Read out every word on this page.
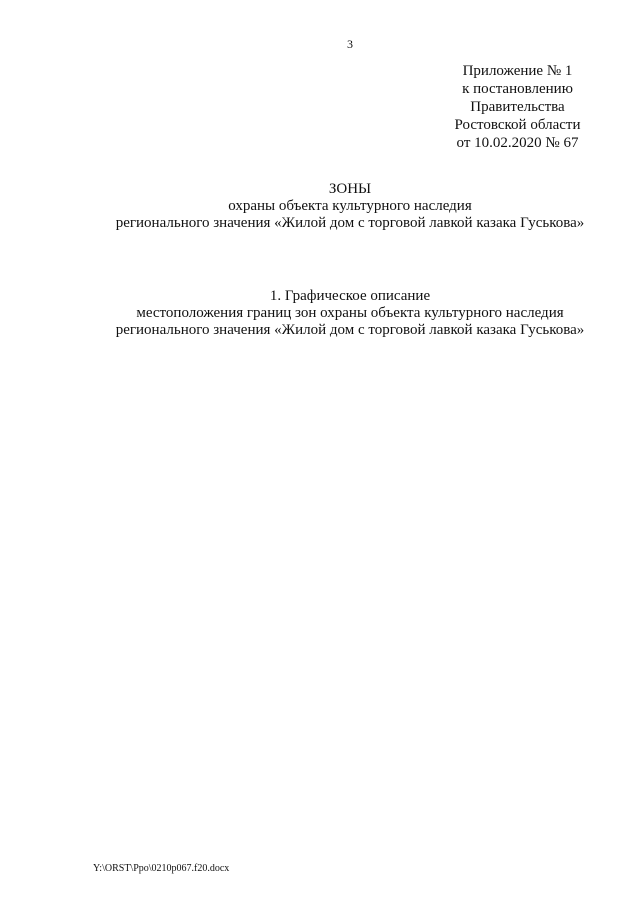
3
Приложение № 1
к постановлению
Правительства
Ростовской области
от 10.02.2020 № 67
ЗОНЫ
охраны объекта культурного наследия
регионального значения «Жилой дом с торговой лавкой казака Гуськова»
1. Графическое описание
местоположения границ зон охраны объекта культурного наследия
регионального значения «Жилой дом с торговой лавкой казака Гуськова»
Y:\ORST\Ppo\0210p067.f20.docx
